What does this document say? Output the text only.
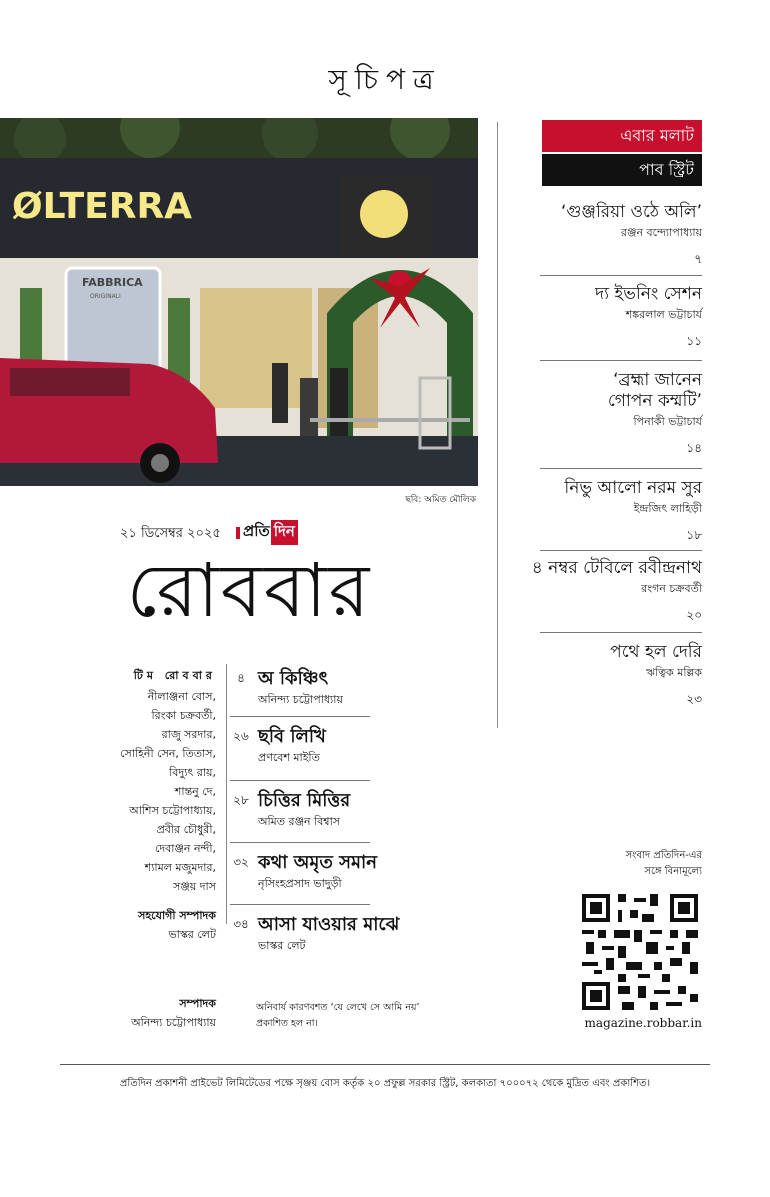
সূচিপত্র
ØLTERRA
FABBRICA
ORIGINALI
ছবি: অমিত মৌলিক
এবার মলাট
পাব স্ট্রিট
‘গুঞ্জরিয়া ওঠে অলি’
রঞ্জন বন্দ্যোপাধ্যায়
৭
দ্য ইভনিং সেশন
শঙ্করলাল ভট্টাচার্য
১১
‘ব্রহ্মা জানেন গোপন কম্মটি’
পিনাকী ভট্টাচার্য
১৪
নিভু আলো নরম সুর
ইন্দ্রজিৎ লাহিড়ী
১৮
৪ নম্বর টেবিলে রবীন্দ্রনাথ
রংগন চক্রবর্তী
২০
পথে হল দেরি
ঋত্বিক মল্লিক
২৩
২১ ডিসেম্বর ২০২৫ প্রতি দিন
রোববার
টিম রোববার
নীলাঞ্জনা বোস,
রিংকা চক্রবর্তী,
রাজু সরদার,
সোহিনী সেন, তিতাস,
বিদ্যুৎ রায়,
শান্তনু দে,
আশিস চট্টোপাধ্যায়,
প্রবীর চৌধুরী,
দেবাঞ্জন নন্দী,
শ্যামল মজুমদার,
সঞ্জয় দাস
সহযোগী সম্পাদক
ভাস্কর লেট
সম্পাদক
অনিন্দ্য চট্টোপাধ্যায়
৪ অ কিঞ্চিৎ
অনিন্দ্য চট্টোপাধ্যায়
২৬ ছবি লিখি
প্রণবেশ মাইতি
২৮ চিত্তির মিত্তির
অমিত রঞ্জন বিশ্বাস
৩২ কথা অমৃত সমান
নৃসিংহপ্রসাদ ভাদুড়ী
৩৪ আসা যাওয়ার মাঝে
ভাস্কর লেট
অনিবার্য কারণবশত ‘যে লেখে সে আমি নয়’
প্রকাশিত হল না।
সংবাদ প্রতিদিন-এর
সঙ্গে বিনামূল্যে
magazine.robbar.in
প্রতিদিন প্রকাশনী প্রাইভেট লিমিটেডের পক্ষে সৃঞ্জয় বোস কর্তৃক ২০ প্রফুল্ল সরকার স্ট্রিট, কলকাতা ৭০০০৭২ থেকে মুদ্রিত এবং প্রকাশিত।
